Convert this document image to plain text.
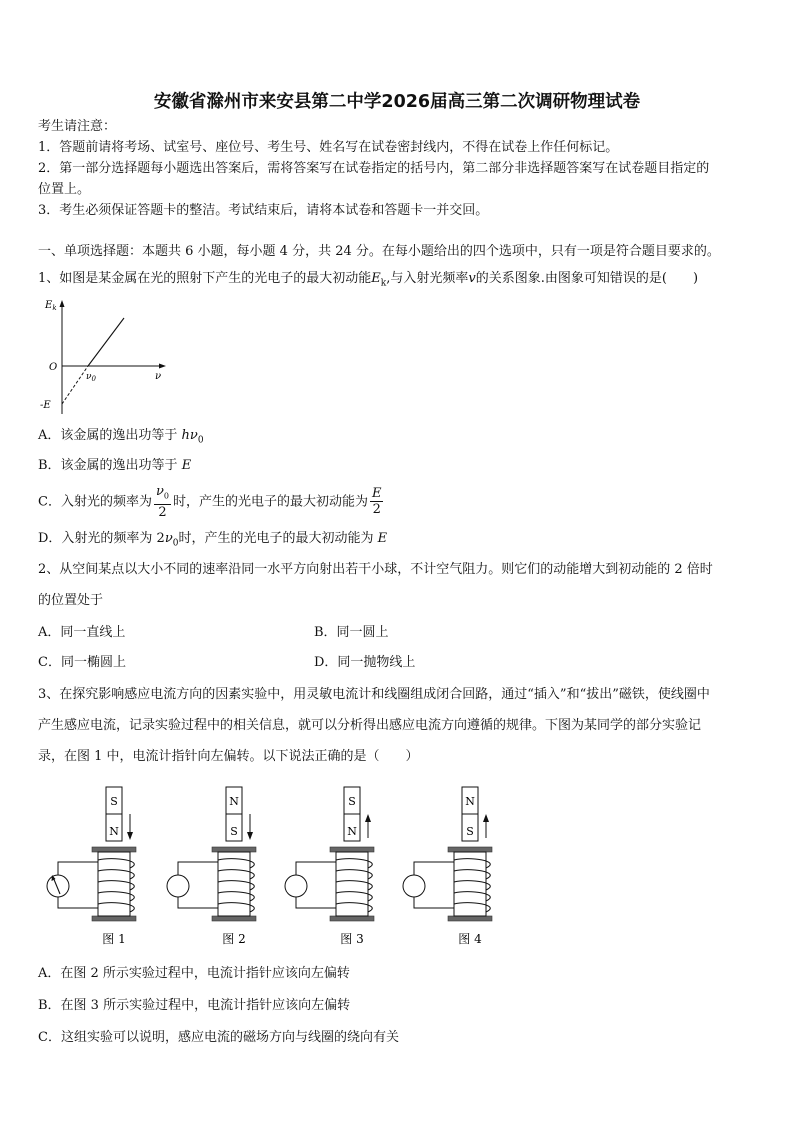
安徽省滁州市来安县第二中学2026届高三第二次调研物理试卷
考生请注意：
1．答题前请将考场、试室号、座位号、考生号、姓名写在试卷密封线内，不得在试卷上作任何标记。
2．第一部分选择题每小题选出答案后，需将答案写在试卷指定的括号内，第二部分非选择题答案写在试卷题目指定的
位置上。
3．考生必须保证答题卡的整洁。考试结束后，请将本试卷和答题卡一并交回。
一、单项选择题：本题共 6 小题，每小题 4 分，共 24 分。在每小题给出的四个选项中，只有一项是符合题目要求的。
1、如图是某金属在光的照射下产生的光电子的最大初动能$E_k$,与入射光频率v的关系图象.由图象可知错误的是(　　)
$E_k$
ν
O
$\nu_0$
-E
A．该金属的逸出功等于 $h\nu_0$
B．该金属的逸出功等于 E
C．入射光的频率为 $\frac{\nu_0}{2}$ 时，产生的光电子的最大初动能为 $\frac{E}{2}$
D．入射光的频率为 $2\nu_0$时，产生的光电子的最大初动能为 E
2、从空间某点以大小不同的速率沿同一水平方向射出若干小球，不计空气阻力。则它们的动能增大到初动能的 2 倍时
的位置处于
A．同一直线上	B．同一圆上
C．同一椭圆上	D．同一抛物线上
3、在探究影响感应电流方向的因素实验中，用灵敏电流计和线圈组成闭合回路，通过“插入”和“拔出”磁铁，使线圈中
产生感应电流，记录实验过程中的相关信息，就可以分析得出感应电流方向遵循的规律。下图为某同学的部分实验记
录，在图 1 中，电流计指针向左偏转。以下说法正确的是（　　）
S
N
图 1
N
S
图 2
S
N
图 3
N
S
图 4
A．在图 2 所示实验过程中，电流计指针应该向左偏转
B．在图 3 所示实验过程中，电流计指针应该向左偏转
C．这组实验可以说明，感应电流的磁场方向与线圈的绕向有关
